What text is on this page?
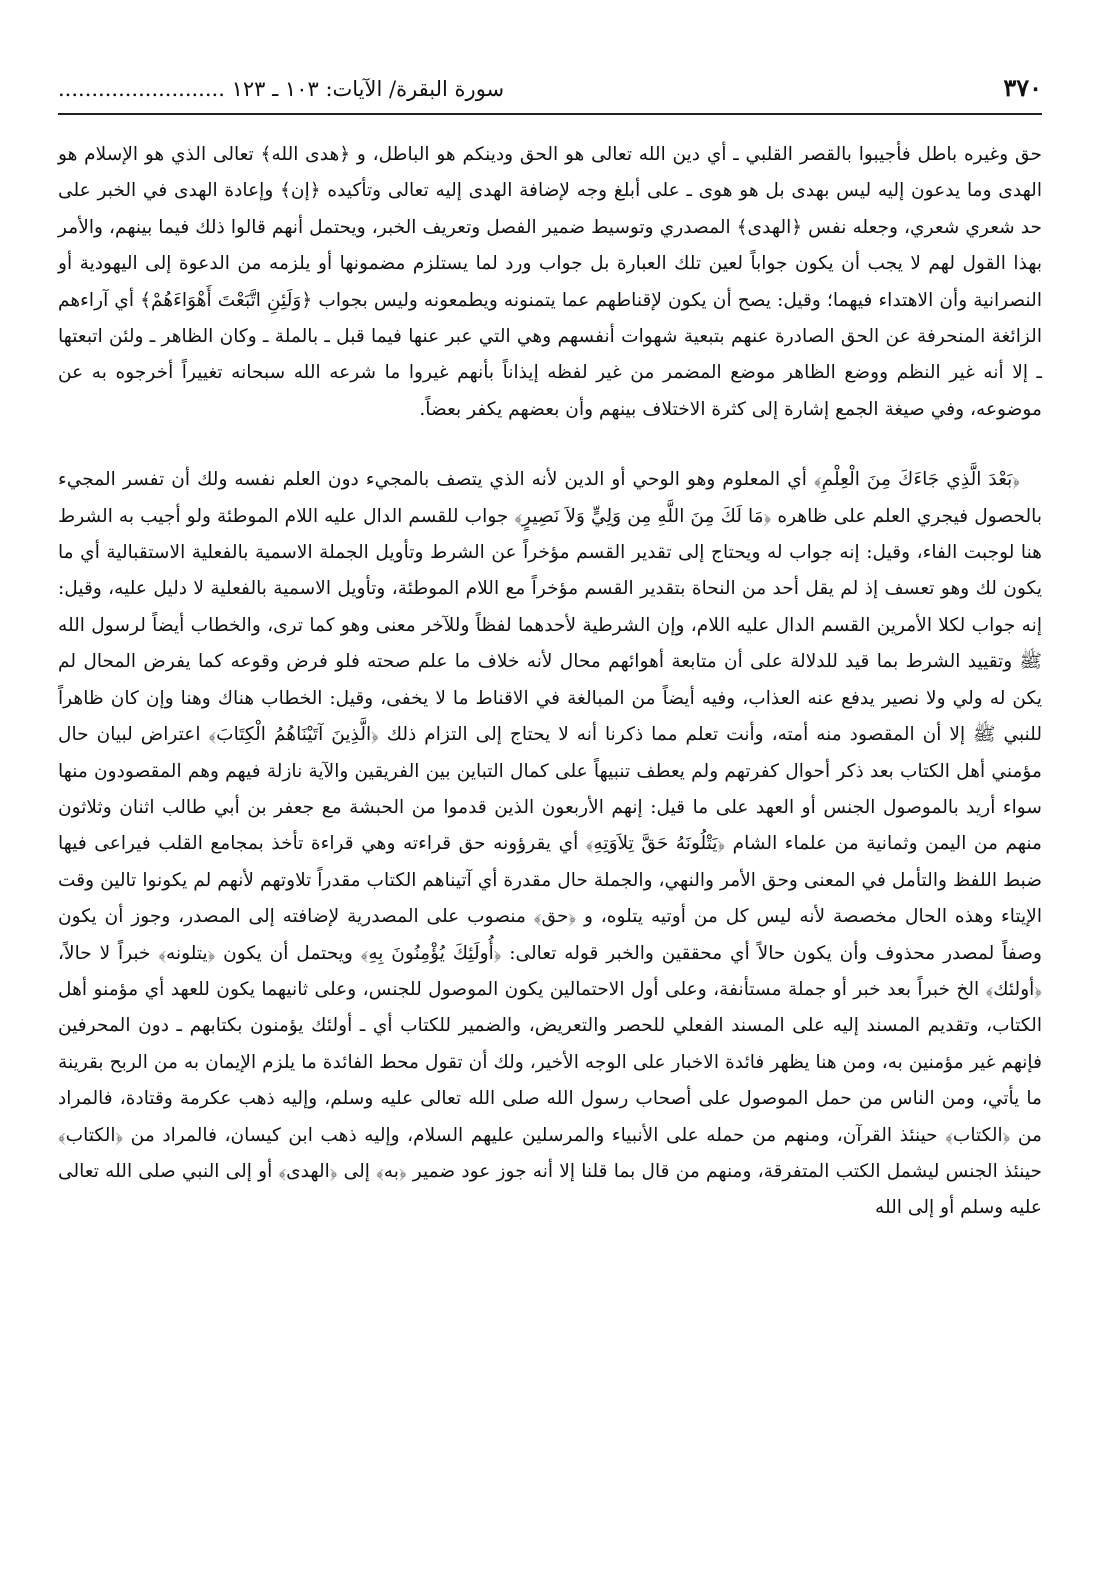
٣٧٠
سورة البقرة/ الآيات: ١٠٣ ـ ١٢٣ .........................

حق وغيره باطل فأجيبوا بالقصر القلبي ـ أي دين الله تعالى هو الحق ودينكم هو الباطل، و ﴿هدى الله﴾ تعالى الذي هو الإسلام هو الهدى وما يدعون إليه ليس بهدى بل هو هوى ـ على أبلغ وجه لإضافة الهدى إليه تعالى وتأكيده ﴿إن﴾ وإعادة الهدى في الخبر على حد شعري شعري، وجعله نفس ﴿الهدى﴾ المصدري وتوسيط ضمير الفصل وتعريف الخبر، ويحتمل أنهم قالوا ذلك فيما بينهم، والأمر بهذا القول لهم لا يجب أن يكون جواباً لعين تلك العبارة بل جواب ورد لما يستلزم مضمونها أو يلزمه من الدعوة إلى اليهودية أو النصرانية وأن الاهتداء فيهما؛ وقيل: يصح أن يكون لإقناطهم عما يتمنونه ويطمعونه وليس بجواب ﴿وَلَئِنِ اتَّبَعْتَ أَهْوَاءَهُمْ﴾ أي آراءهم الزائغة المنحرفة عن الحق الصادرة عنهم بتبعية شهوات أنفسهم وهي التي عبر عنها فيما قبل ـ بالملة ـ وكان الظاهر ـ ولئن اتبعتها ـ إلا أنه غير النظم ووضع الظاهر موضع المضمر من غير لفظه إيذاناً بأنهم غيروا ما شرعه الله سبحانه تغييراً أخرجوه به عن موضوعه، وفي صيغة الجمع إشارة إلى كثرة الاختلاف بينهم وأن بعضهم يكفر بعضاً.

﴿بَعْدَ الَّذِي جَاءَكَ مِنَ الْعِلْمِ﴾ أي المعلوم وهو الوحي أو الدين لأنه الذي يتصف بالمجيء دون العلم نفسه ولك أن تفسر المجيء بالحصول فيجري العلم على ظاهره ﴿مَا لَكَ مِنَ اللَّهِ مِن وَلِيٍّ وَلاَ نَصِيرٍ﴾ جواب للقسم الدال عليه اللام الموطئة ولو أجيب به الشرط هنا لوجبت الفاء، وقيل: إنه جواب له ويحتاج إلى تقدير القسم مؤخراً عن الشرط وتأويل الجملة الاسمية بالفعلية الاستقبالية أي ما يكون لك وهو تعسف إذ لم يقل أحد من النحاة بتقدير القسم مؤخراً مع اللام الموطئة، وتأويل الاسمية بالفعلية لا دليل عليه، وقيل: إنه جواب لكلا الأمرين القسم الدال عليه اللام، وإن الشرطية لأحدهما لفظاً وللآخر معنى وهو كما ترى، والخطاب أيضاً لرسول الله ﷺ وتقييد الشرط بما قيد للدلالة على أن متابعة أهوائهم محال لأنه خلاف ما علم صحته فلو فرض وقوعه كما يفرض المحال لم يكن له ولي ولا نصير يدفع عنه العذاب، وفيه أيضاً من المبالغة في الاقناط ما لا يخفى، وقيل: الخطاب هناك وهنا وإن كان ظاهراً للنبي ﷺ إلا أن المقصود منه أمته، وأنت تعلم مما ذكرنا أنه لا يحتاج إلى التزام ذلك ﴿الَّذِينَ آتَيْنَاهُمُ الْكِتَابَ﴾ اعتراض لبيان حال مؤمني أهل الكتاب بعد ذكر أحوال كفرتهم ولم يعطف تنبيهاً على كمال التباين بين الفريقين والآية نازلة فيهم وهم المقصودون منها سواء أريد بالموصول الجنس أو العهد على ما قيل: إنهم الأربعون الذين قدموا من الحبشة مع جعفر بن أبي طالب اثنان وثلاثون منهم من اليمن وثمانية من علماء الشام ﴿يَتْلُونَهُ حَقَّ تِلاَوَتِهِ﴾ أي يقرؤونه حق قراءته وهي قراءة تأخذ بمجامع القلب فيراعى فيها ضبط اللفظ والتأمل في المعنى وحق الأمر والنهي، والجملة حال مقدرة أي آتيناهم الكتاب مقدراً تلاوتهم لأنهم لم يكونوا تالين وقت الإيتاء وهذه الحال مخصصة لأنه ليس كل من أوتيه يتلوه، و ﴿حق﴾ منصوب على المصدرية لإضافته إلى المصدر، وجوز أن يكون وصفاً لمصدر محذوف وأن يكون حالاً أي محققين والخبر قوله تعالى: ﴿أُولَئِكَ يُؤْمِنُونَ بِهِ﴾ ويحتمل أن يكون ﴿يتلونه﴾ خبراً لا حالاً، ﴿أولئك﴾ الخ خبراً بعد خبر أو جملة مستأنفة، وعلى أول الاحتمالين يكون الموصول للجنس، وعلى ثانيهما يكون للعهد أي مؤمنو أهل الكتاب، وتقديم المسند إليه على المسند الفعلي للحصر والتعريض، والضمير للكتاب أي ـ أولئك يؤمنون بكتابهم ـ دون المحرفين فإنهم غير مؤمنين به، ومن هنا يظهر فائدة الاخبار على الوجه الأخير، ولك أن تقول محط الفائدة ما يلزم الإيمان به من الربح بقرينة ما يأتي، ومن الناس من حمل الموصول على أصحاب رسول الله صلى الله تعالى عليه وسلم، وإليه ذهب عكرمة وقتادة، فالمراد من ﴿الكتاب﴾ حينئذ القرآن، ومنهم من حمله على الأنبياء والمرسلين عليهم السلام، وإليه ذهب ابن كيسان، فالمراد من ﴿الكتاب﴾ حينئذ الجنس ليشمل الكتب المتفرقة، ومنهم من قال بما قلنا إلا أنه جوز عود ضمير ﴿به﴾ إلى ﴿الهدى﴾ أو إلى النبي صلى الله تعالى عليه وسلم أو إلى الله
